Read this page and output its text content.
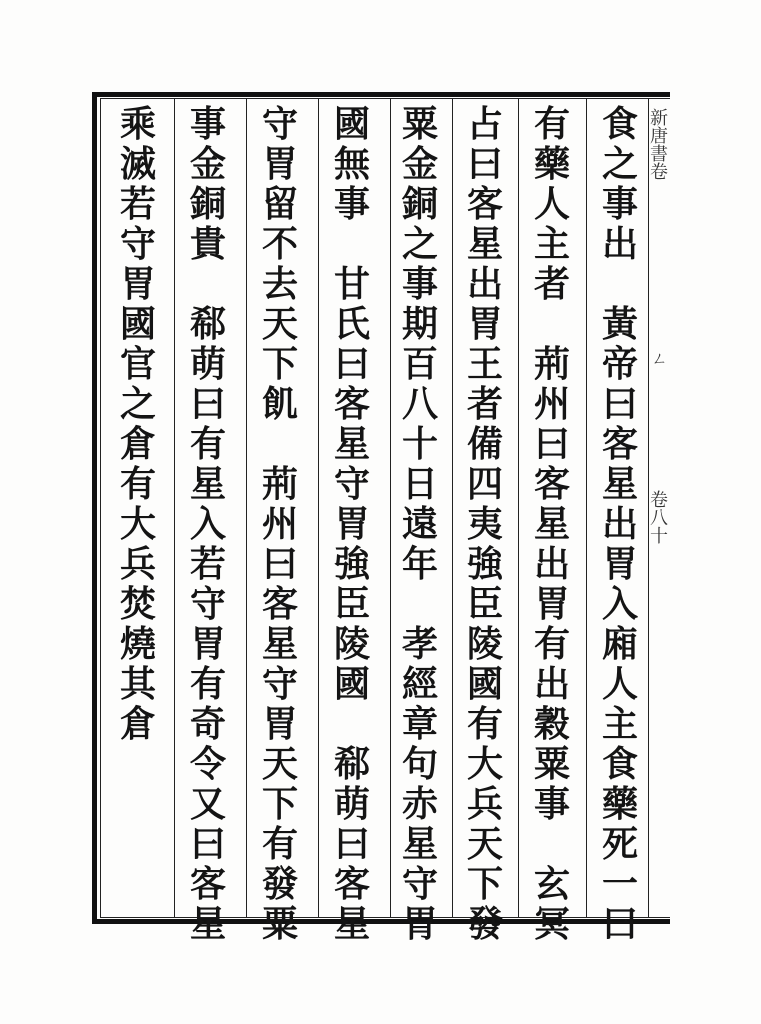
新唐書卷
ㄥ
卷八十
食
之
事
出
黃
帝
曰
客
星
出
胃
入
廂
人
主
食
藥
死
一
曰
有
藥
人
主
者
荊
州
曰
客
星
出
胃
有
出
穀
粟
事
玄
冥
占
曰
客
星
出
胃
王
者
備
四
夷
強
臣
陵
國
有
大
兵
天
下
發
粟
金
銅
之
事
期
百
八
十
日
遠
年
孝
經
章
句
赤
星
守
胃
國
無
事
甘
氏
曰
客
星
守
胃
強
臣
陵
國
郗
萌
曰
客
星
守
胃
留
不
去
天
下
飢
荊
州
曰
客
星
守
胃
天
下
有
發
粟
事
金
銅
貴
郗
萌
曰
有
星
入
若
守
胃
有
奇
令
又
曰
客
星
乘
滅
若
守
胃
國
官
之
倉
有
大
兵
焚
燒
其
倉
